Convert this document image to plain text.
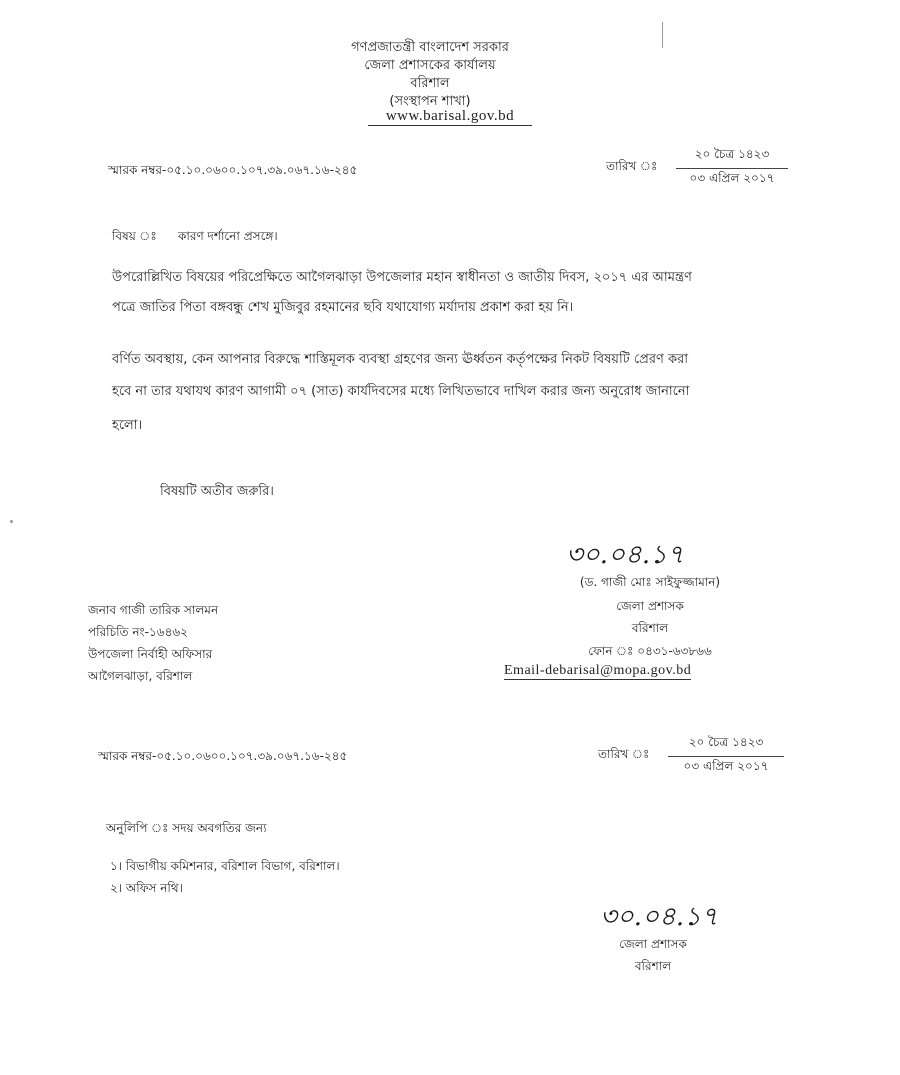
গণপ্রজাতন্ত্রী বাংলাদেশ সরকার
জেলা প্রশাসকের কার্যালয়
বরিশাল
(সংস্থাপন শাখা)
www.barisal.gov.bd
স্মারক নম্বর-০৫.১০.০৬০০.১০৭.৩৯.০৬৭.১৬-২৪৫	তারিখ ঃ
২০ চৈত্র ১৪২৩
০৩ এপ্রিল ২০১৭
বিষয় ঃ কারণ দর্শানো প্রসঙ্গে।
উপরোল্লিখিত বিষয়ের পরিপ্রেক্ষিতে আগৈলঝাড়া উপজেলার মহান স্বাধীনতা ও জাতীয় দিবস, ২০১৭ এর আমন্ত্রণ
পত্রে জাতির পিতা বঙ্গবন্ধু শেখ মুজিবুর রহমানের ছবি যথাযোগ্য মর্যাদায় প্রকাশ করা হয় নি।
বর্ণিত অবস্থায়, কেন আপনার বিরুদ্ধে শাস্তিমূলক ব্যবস্থা গ্রহণের জন্য ঊর্ধ্বতন কর্তৃপক্ষের নিকট বিষয়টি প্রেরণ করা
হবে না তার যথাযথ কারণ আগামী ০৭ (সাত) কার্যদিবসের মধ্যে লিখিতভাবে দাখিল করার জন্য অনুরোধ জানানো
হলো।
বিষয়টি অতীব জরুরি।
৩০.০৪.১৭
(ড. গাজী মোঃ সাইফুজ্জামান)
জেলা প্রশাসক
বরিশাল
ফোন ঃ ০৪৩১-৬৩৮৬৬
Email-debarisal@mopa.gov.bd
জনাব গাজী তারিক সালমন
পরিচিতি নং-১৬৪৬২
উপজেলা নির্বাহী অফিসার
আগৈলঝাড়া, বরিশাল
স্মারক নম্বর-০৫.১০.০৬০০.১০৭.৩৯.০৬৭.১৬-২৪৫	তারিখ ঃ
২০ চৈত্র ১৪২৩
০৩ এপ্রিল ২০১৭
অনুলিপি ঃ সদয় অবগতির জন্য
১। বিভাগীয় কমিশনার, বরিশাল বিভাগ, বরিশাল।
২। অফিস নথি।
৩০.০৪.১৭
জেলা প্রশাসক
বরিশাল
